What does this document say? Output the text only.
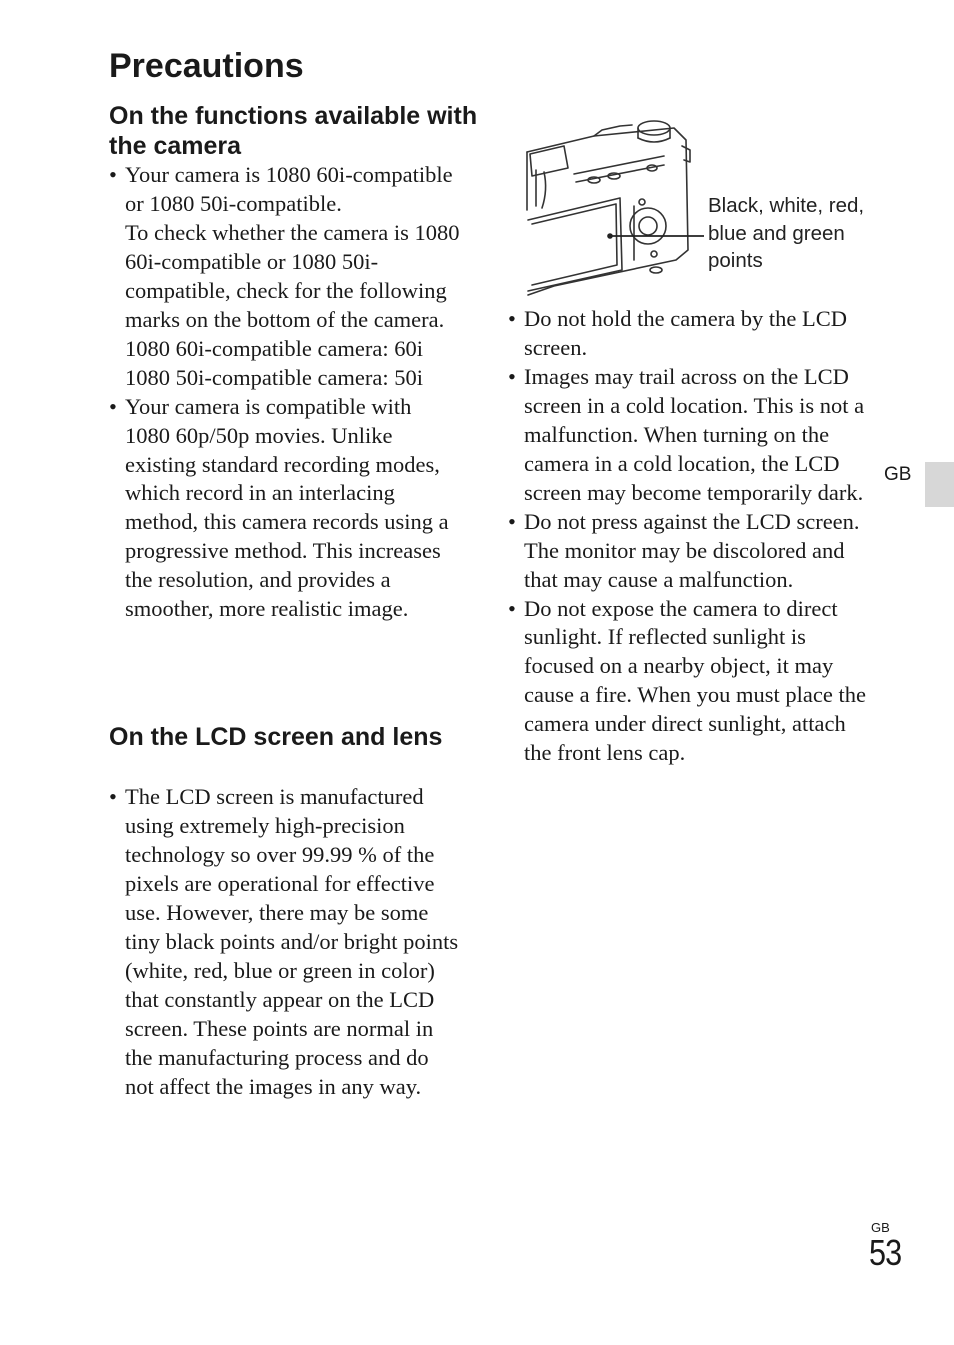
Precautions
On the functions available with the camera

• Your camera is 1080 60i-compatible or 1080 50i-compatible.

To check whether the camera is 1080 60i-compatible or 1080 50i-compatible, check for the following marks on the bottom of the camera.

1080 60i-compatible camera: 60i

1080 50i-compatible camera: 50i

• Your camera is compatible with 1080 60p/50p movies. Unlike existing standard recording modes, which record in an interlacing method, this camera records using a progressive method. This increases the resolution, and provides a smoother, more realistic image.

On the LCD screen and lens

• The LCD screen is manufactured using extremely high-precision technology so over 99.99 % of the pixels are operational for effective use. However, there may be some tiny black points and/or bright points (white, red, blue or green in color) that constantly appear on the LCD screen. These points are normal in the manufacturing process and do not affect the images in any way.

Black, white, red, blue and green points

• Do not hold the camera by the LCD screen.

• Images may trail across on the LCD screen in a cold location. This is not a malfunction. When turning on the camera in a cold location, the LCD screen may become temporarily dark.

• Do not press against the LCD screen. The monitor may be discolored and that may cause a malfunction.

• Do not expose the camera to direct sunlight. If reflected sunlight is focused on a nearby object, it may cause a fire. When you must place the camera under direct sunlight, attach the front lens cap.

GB
GB
53
